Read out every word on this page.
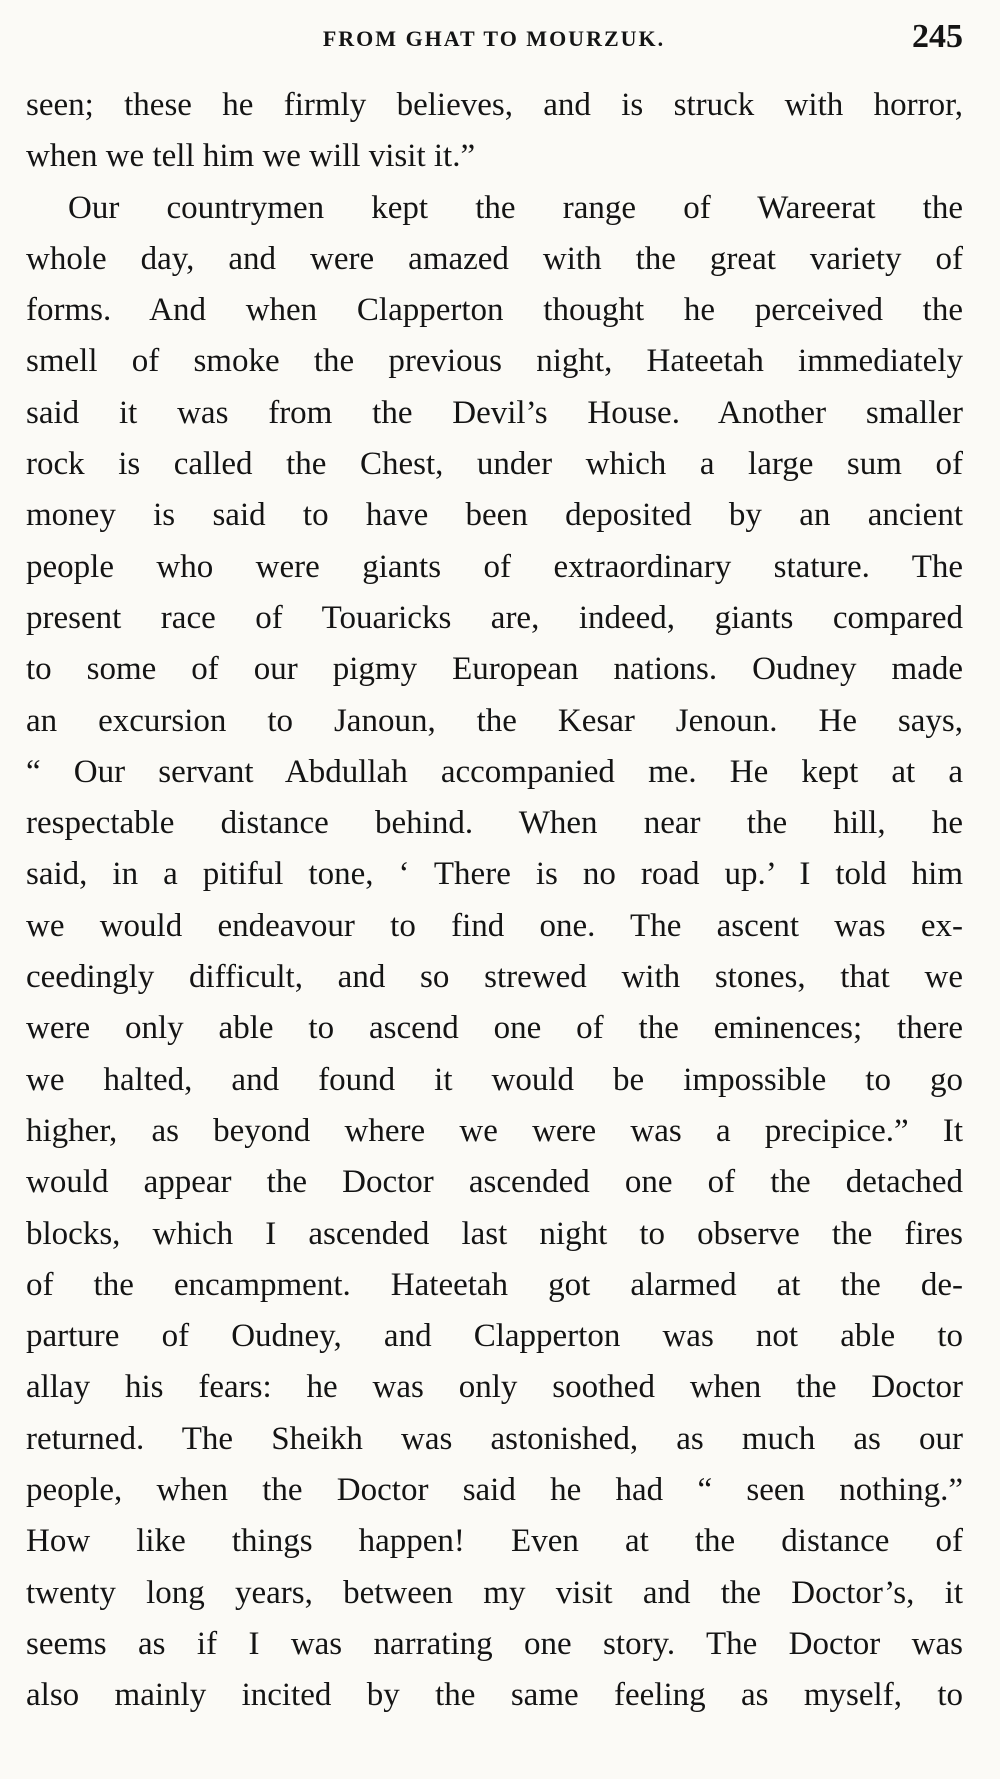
FROM GHAT TO MOURZUK.	245
seen; these he firmly believes, and is struck with horror,
when we tell him we will visit it.”
Our countrymen kept the range of Wareerat the
whole day, and were amazed with the great variety of
forms. And when Clapperton thought he perceived the
smell of smoke the previous night, Hateetah immediately
said it was from the Devil’s House. Another smaller
rock is called the Chest, under which a large sum of
money is said to have been deposited by an ancient
people who were giants of extraordinary stature. The
present race of Touaricks are, indeed, giants compared
to some of our pigmy European nations. Oudney made
an excursion to Janoun, the Kesar Jenoun. He says,
“ Our servant Abdullah accompanied me. He kept at a
respectable distance behind. When near the hill, he
said, in a pitiful tone, ‘ There is no road up.’ I told him
we would endeavour to find one. The ascent was ex-
ceedingly difficult, and so strewed with stones, that we
were only able to ascend one of the eminences; there
we halted, and found it would be impossible to go
higher, as beyond where we were was a precipice.” It
would appear the Doctor ascended one of the detached
blocks, which I ascended last night to observe the fires
of the encampment. Hateetah got alarmed at the de-
parture of Oudney, and Clapperton was not able to
allay his fears: he was only soothed when the Doctor
returned. The Sheikh was astonished, as much as our
people, when the Doctor said he had “ seen nothing.”
How like things happen! Even at the distance of
twenty long years, between my visit and the Doctor’s, it
seems as if I was narrating one story. The Doctor was
also mainly incited by the same feeling as myself, to
